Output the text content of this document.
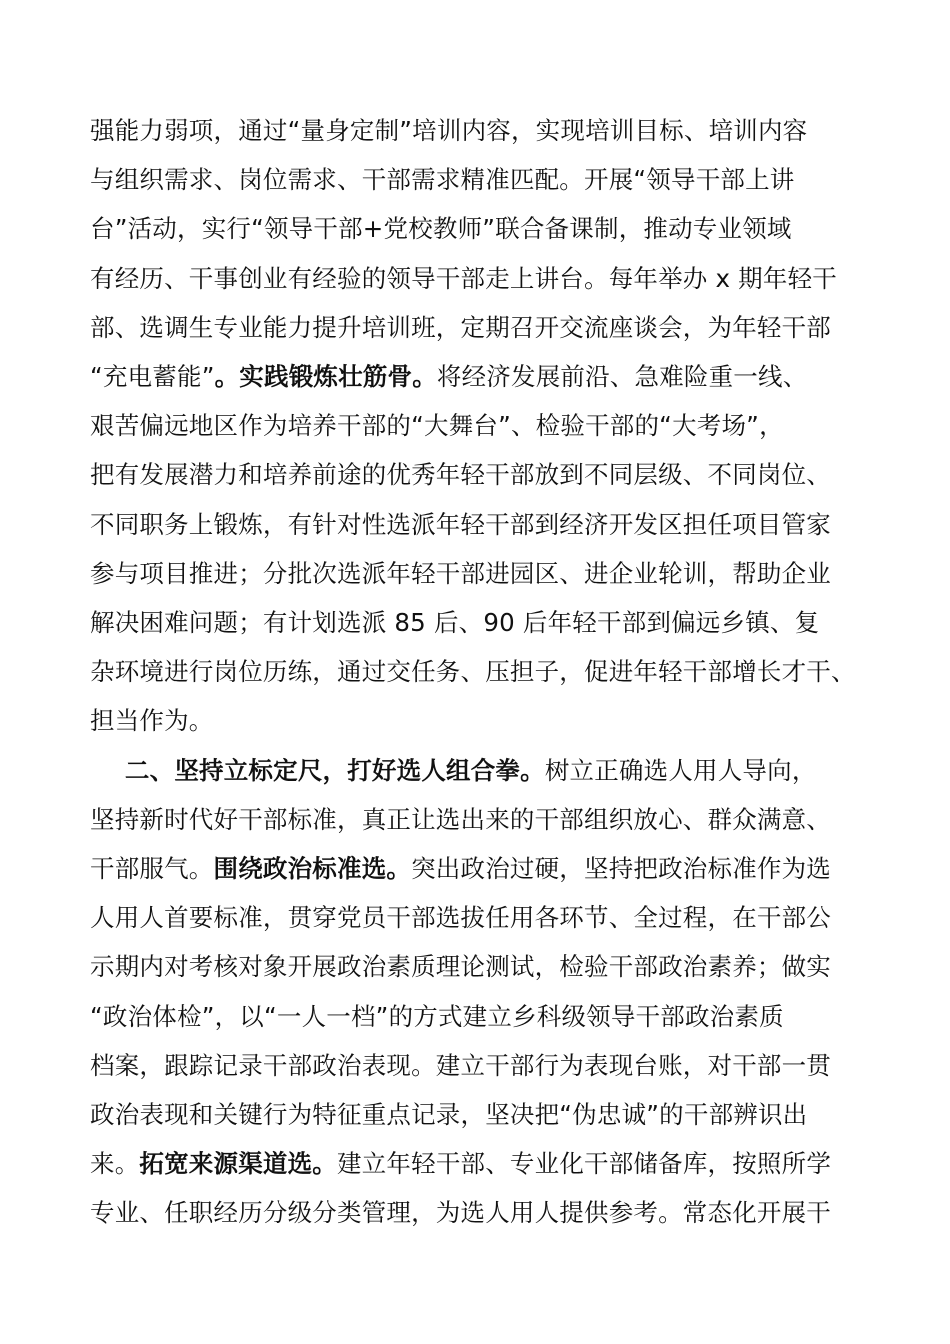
强能力弱项，通过“量身定制”培训内容，实现培训目标、培训内容
与组织需求、岗位需求、干部需求精准匹配。开展“领导干部上讲
台”活动，实行“领导干部+党校教师”联合备课制，推动专业领域
有经历、干事创业有经验的领导干部走上讲台。每年举办 x 期年轻干
部、选调生专业能力提升培训班，定期召开交流座谈会，为年轻干部
“充电蓄能”。实践锻炼壮筋骨。将经济发展前沿、急难险重一线、
艰苦偏远地区作为培养干部的“大舞台”、检验干部的“大考场”，
把有发展潜力和培养前途的优秀年轻干部放到不同层级、不同岗位、
不同职务上锻炼，有针对性选派年轻干部到经济开发区担任项目管家
参与项目推进；分批次选派年轻干部进园区、进企业轮训，帮助企业
解决困难问题；有计划选派 85 后、90 后年轻干部到偏远乡镇、复
杂环境进行岗位历练，通过交任务、压担子，促进年轻干部增长才干、
担当作为。
二、坚持立标定尺，打好选人组合拳。树立正确选人用人导向，
坚持新时代好干部标准，真正让选出来的干部组织放心、群众满意、
干部服气。围绕政治标准选。突出政治过硬，坚持把政治标准作为选
人用人首要标准，贯穿党员干部选拔任用各环节、全过程，在干部公
示期内对考核对象开展政治素质理论测试，检验干部政治素养；做实
“政治体检”，以“一人一档”的方式建立乡科级领导干部政治素质
档案，跟踪记录干部政治表现。建立干部行为表现台账，对干部一贯
政治表现和关键行为特征重点记录，坚决把“伪忠诚”的干部辨识出
来。拓宽来源渠道选。建立年轻干部、专业化干部储备库，按照所学
专业、任职经历分级分类管理，为选人用人提供参考。常态化开展干
